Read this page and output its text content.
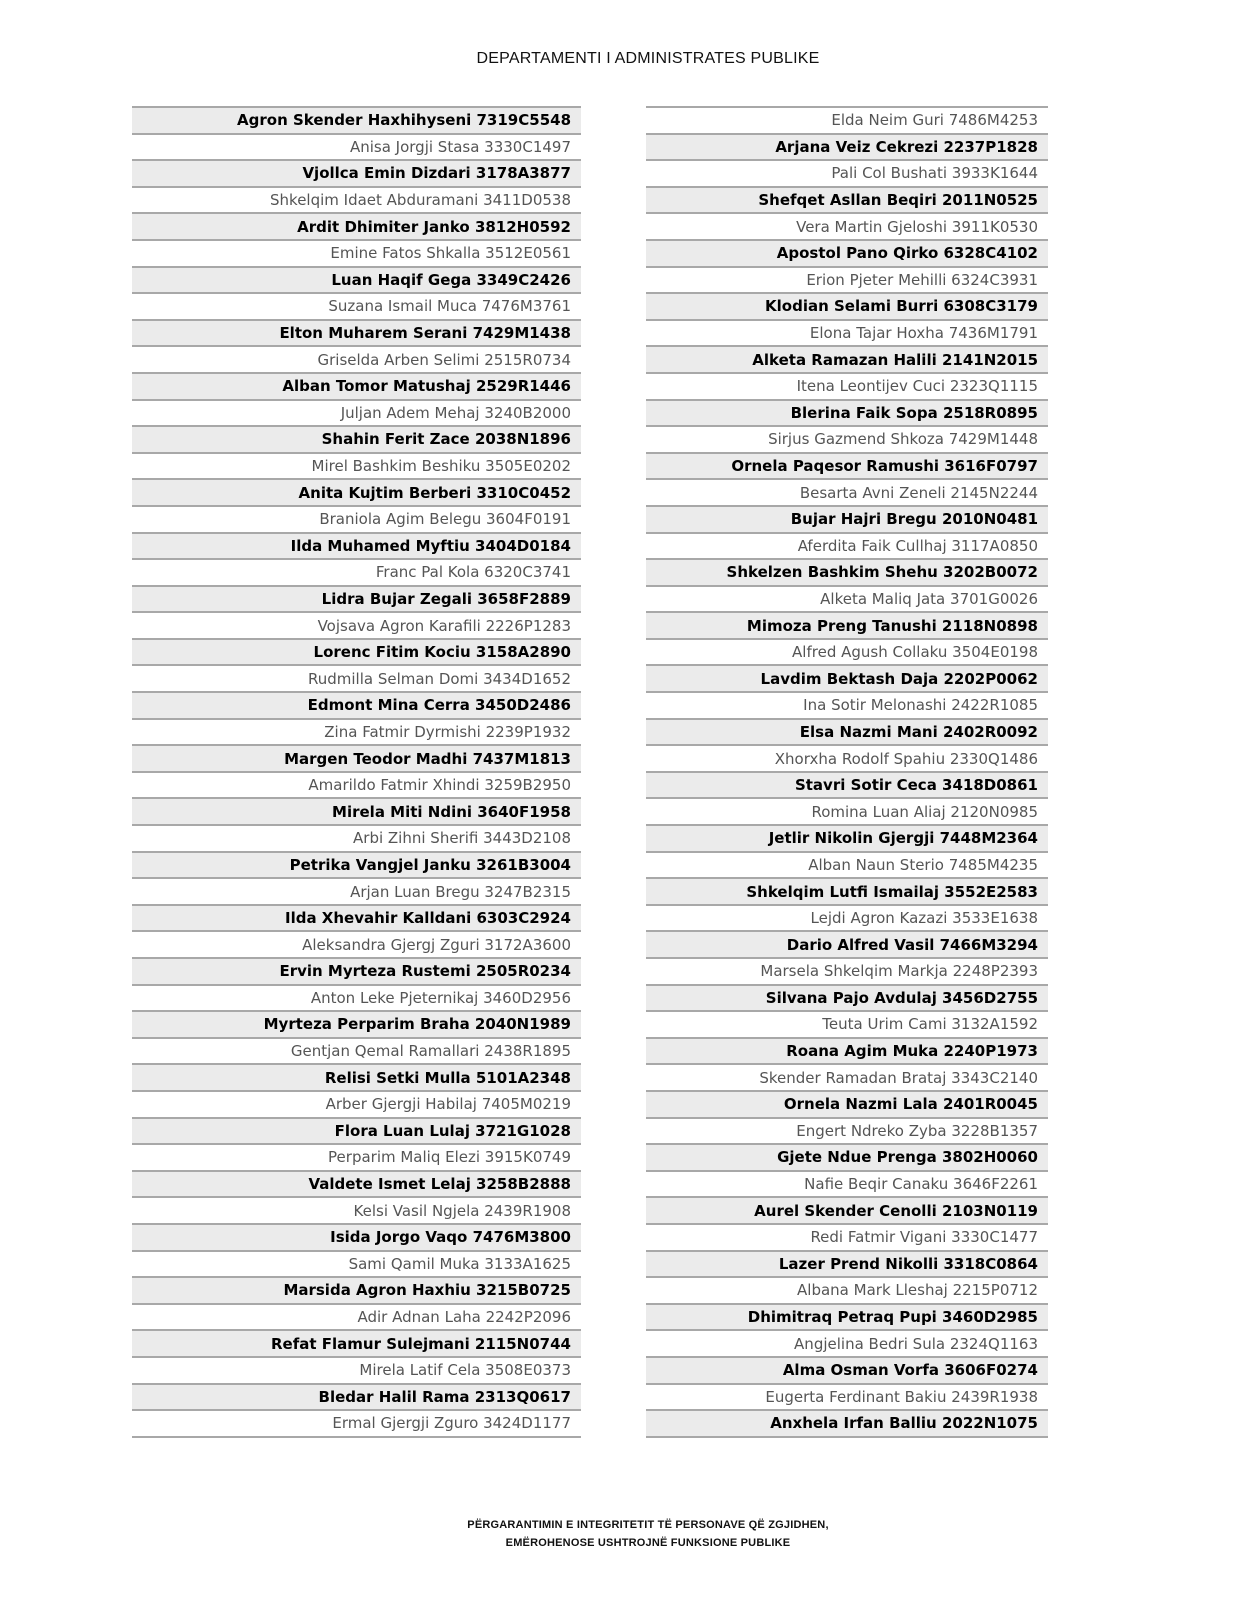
DEPARTAMENTI I ADMINISTRATES PUBLIKE
Agron Skender Haxhihyseni 7319C5548
Anisa Jorgji Stasa 3330C1497
Vjollca Emin Dizdari 3178A3877
Shkelqim Idaet Abduramani 3411D0538
Ardit Dhimiter Janko 3812H0592
Emine Fatos Shkalla 3512E0561
Luan Haqif Gega 3349C2426
Suzana Ismail Muca 7476M3761
Elton Muharem Serani 7429M1438
Griselda Arben Selimi 2515R0734
Alban Tomor Matushaj 2529R1446
Juljan Adem Mehaj 3240B2000
Shahin Ferit Zace 2038N1896
Mirel Bashkim Beshiku 3505E0202
Anita Kujtim Berberi 3310C0452
Braniola Agim Belegu 3604F0191
Ilda Muhamed Myftiu 3404D0184
Franc Pal Kola 6320C3741
Lidra Bujar Zegali 3658F2889
Vojsava Agron Karafili 2226P1283
Lorenc Fitim Kociu 3158A2890
Rudmilla Selman Domi 3434D1652
Edmont Mina Cerra 3450D2486
Zina Fatmir Dyrmishi 2239P1932
Margen Teodor Madhi 7437M1813
Amarildo Fatmir Xhindi 3259B2950
Mirela Miti Ndini 3640F1958
Arbi Zihni Sherifi 3443D2108
Petrika Vangjel Janku 3261B3004
Arjan Luan Bregu 3247B2315
Ilda Xhevahir Kalldani 6303C2924
Aleksandra Gjergj Zguri 3172A3600
Ervin Myrteza Rustemi 2505R0234
Anton Leke Pjeternikaj 3460D2956
Myrteza Perparim Braha 2040N1989
Gentjan Qemal Ramallari 2438R1895
Relisi Setki Mulla 5101A2348
Arber Gjergji Habilaj 7405M0219
Flora Luan Lulaj 3721G1028
Perparim Maliq Elezi 3915K0749
Valdete Ismet Lelaj 3258B2888
Kelsi Vasil Ngjela 2439R1908
Isida Jorgo Vaqo 7476M3800
Sami Qamil Muka 3133A1625
Marsida Agron Haxhiu 3215B0725
Adir Adnan Laha 2242P2096
Refat Flamur Sulejmani 2115N0744
Mirela Latif Cela 3508E0373
Bledar Halil Rama 2313Q0617
Ermal Gjergji Zguro 3424D1177
Elda Neim Guri 7486M4253
Arjana Veiz Cekrezi 2237P1828
Pali Col Bushati 3933K1644
Shefqet Asllan Beqiri 2011N0525
Vera Martin Gjeloshi 3911K0530
Apostol Pano Qirko 6328C4102
Erion Pjeter Mehilli 6324C3931
Klodian Selami Burri 6308C3179
Elona Tajar Hoxha 7436M1791
Alketa Ramazan Halili 2141N2015
Itena Leontijev Cuci 2323Q1115
Blerina Faik Sopa 2518R0895
Sirjus Gazmend Shkoza 7429M1448
Ornela Paqesor Ramushi 3616F0797
Besarta Avni Zeneli 2145N2244
Bujar Hajri Bregu 2010N0481
Aferdita Faik Cullhaj 3117A0850
Shkelzen Bashkim Shehu 3202B0072
Alketa Maliq Jata 3701G0026
Mimoza Preng Tanushi 2118N0898
Alfred Agush Collaku 3504E0198
Lavdim Bektash Daja 2202P0062
Ina Sotir Melonashi 2422R1085
Elsa Nazmi Mani 2402R0092
Xhorxha Rodolf Spahiu 2330Q1486
Stavri Sotir Ceca 3418D0861
Romina Luan Aliaj 2120N0985
Jetlir Nikolin Gjergji 7448M2364
Alban Naun Sterio 7485M4235
Shkelqim Lutfi Ismailaj 3552E2583
Lejdi Agron Kazazi 3533E1638
Dario Alfred Vasil 7466M3294
Marsela Shkelqim Markja 2248P2393
Silvana Pajo Avdulaj 3456D2755
Teuta Urim Cami 3132A1592
Roana Agim Muka 2240P1973
Skender Ramadan Brataj 3343C2140
Ornela Nazmi Lala 2401R0045
Engert Ndreko Zyba 3228B1357
Gjete Ndue Prenga 3802H0060
Nafie Beqir Canaku 3646F2261
Aurel Skender Cenolli 2103N0119
Redi Fatmir Vigani 3330C1477
Lazer Prend Nikolli 3318C0864
Albana Mark Lleshaj 2215P0712
Dhimitraq Petraq Pupi 3460D2985
Angjelina Bedri Sula 2324Q1163
Alma Osman Vorfa 3606F0274
Eugerta Ferdinant Bakiu 2439R1938
Anxhela Irfan Balliu 2022N1075
PËRGARANTIMIN E INTEGRITETIT TË PERSONAVE QË ZGJIDHEN,
EMËROHENOSE USHTROJNË FUNKSIONE PUBLIKE
